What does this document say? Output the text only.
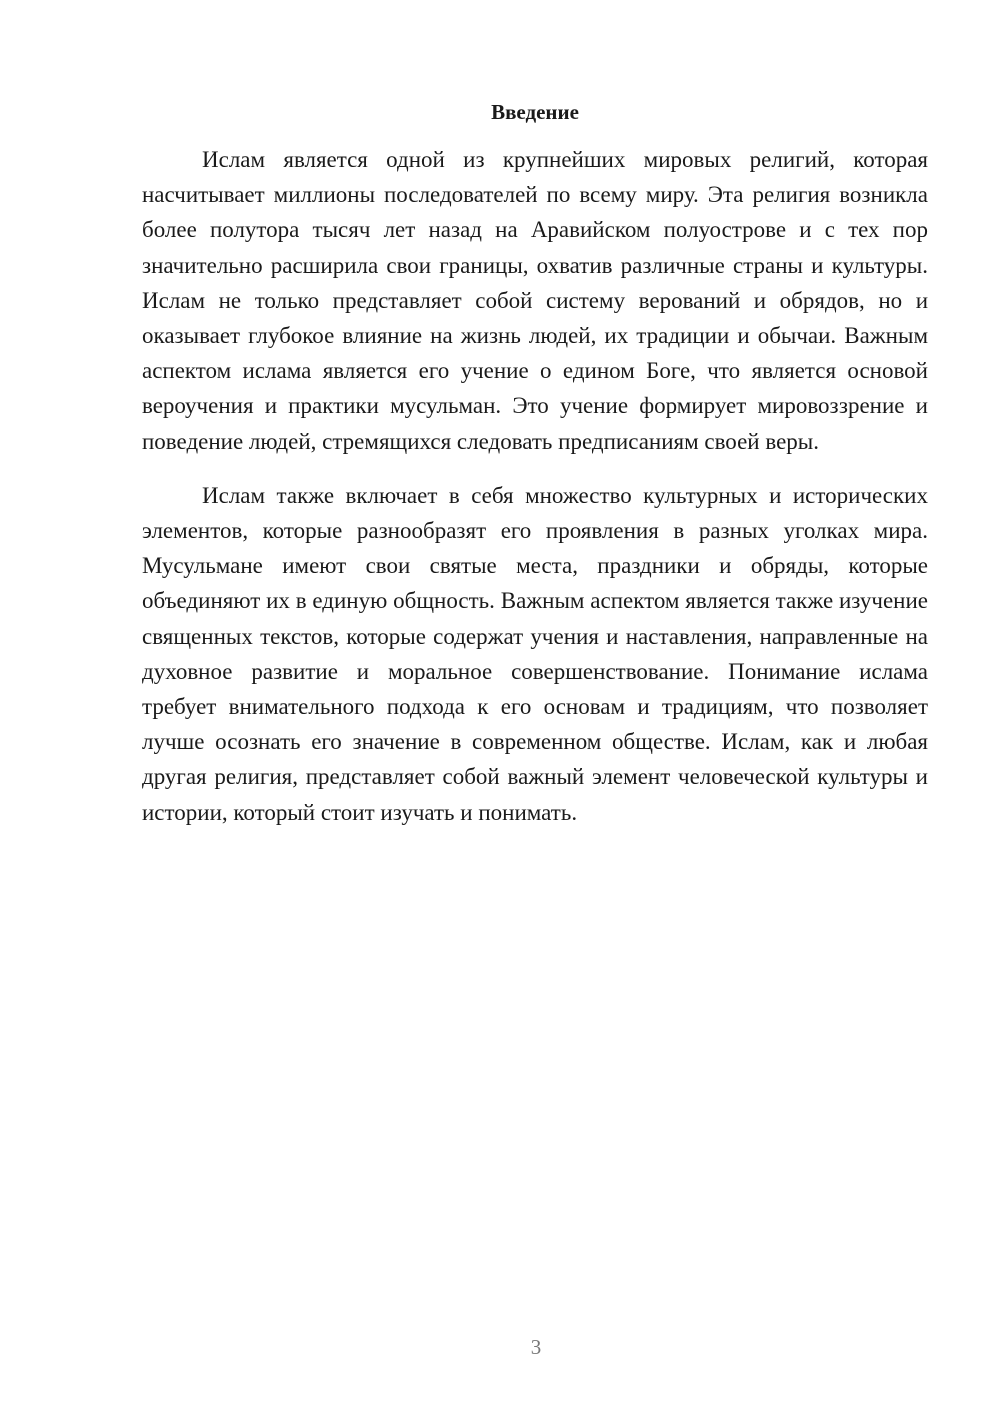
Введение

Ислам является одной из крупнейших мировых религий, которая насчитывает миллионы последователей по всему миру. Эта религия возникла более полутора тысяч лет назад на Аравийском полуострове и с тех пор значительно расширила свои границы, охватив различные страны и культуры. Ислам не только представляет собой систему верований и обрядов, но и оказывает глубокое влияние на жизнь людей, их традиции и обычаи. Важным аспектом ислама является его учение о едином Боге, что является основой вероучения и практики мусульман. Это учение формирует мировоззрение и поведение людей, стремящихся следовать предписаниям своей веры.

Ислам также включает в себя множество культурных и исторических элементов, которые разнообразят его проявления в разных уголках мира. Мусульмане имеют свои святые места, праздники и обряды, которые объединяют их в единую общность. Важным аспектом является также изучение священных текстов, которые содержат учения и наставления, направленные на духовное развитие и моральное совершенствование. Понимание ислама требует внимательного подхода к его основам и традициям, что позволяет лучше осознать его значение в современном обществе. Ислам, как и любая другая религия, представляет собой важный элемент человеческой культуры и истории, который стоит изучать и понимать.

3
